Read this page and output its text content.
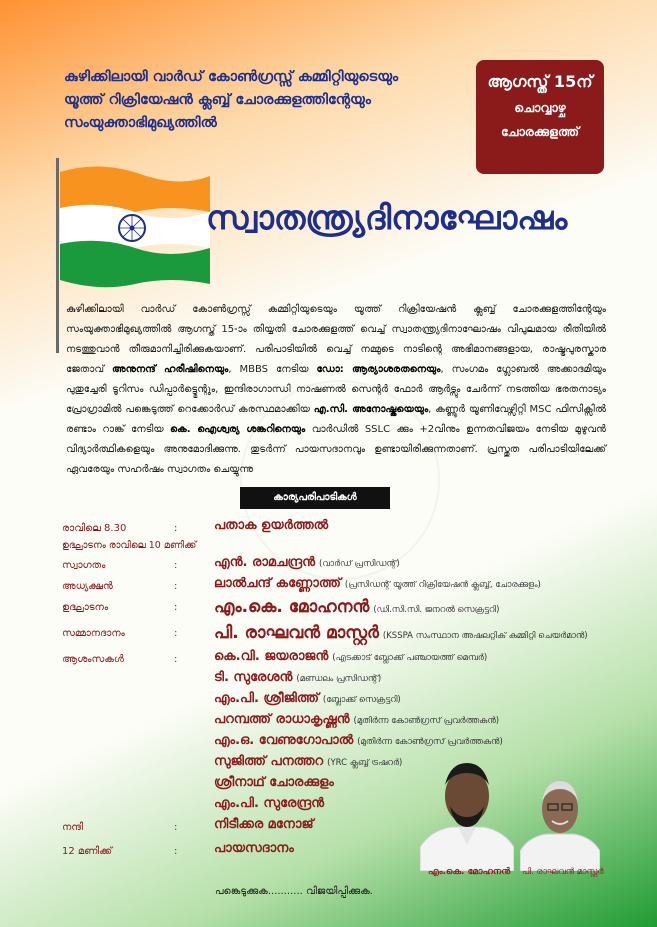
കുഴിക്കിലായി വാർഡ് കോൺഗ്രസ്സ് കമ്മിറ്റിയുടെയും
യൂത്ത് റിക്രിയേഷൻ ക്ലബ്ബ് ചോരക്കുളത്തിന്റേയും
സംയുക്താഭിമുഖ്യത്തിൽ
ആഗസ്ത് 15ന്
ചൊവ്വാഴ്ച
ചോരക്കുളത്ത്
സ്വാതന്ത്ര്യദിനാഘോഷം
കുഴിക്കിലായി വാർഡ് കോൺഗ്രസ്സ് കമ്മിറ്റിയുടെയും യൂത്ത് റിക്രിയേഷൻ ക്ലബ്ബ് ചോരക്കുളത്തിന്റേയും സംയുക്താഭിമുഖ്യത്തിൽ ആഗസ്ത് 15-ാം തിയ്യതി ചോരക്കുളത്ത് വെച്ച് സ്വാതന്ത്ര്യദിനാഘോഷം വിപുലമായ രീതിയിൽ നടത്തുവാൻ തീരുമാനിച്ചിരിക്കുകയാണ്. പരിപാടിയിൽ വെച്ച് നമ്മുടെ നാടിന്റെ അഭിമാനങ്ങളായ, രാഷ്ട്രപുരസ്കാര ജേതാവ് അനുനന്ദ് ഹരീഷിനെയും, MBBS നേടിയ ഡോ: ആര്യാശരതനെയും, സംഗമം ഗ്ലോബൽ അക്കാദമിയും പുതുച്ചേരി ടൂറിസം ഡിപ്പാർട്ട്മെന്റും, ഇന്ദിരാഗാന്ധി നാഷണൽ സെന്റർ ഫോർ ആർട്സും ചേർന്ന് നടത്തിയ ഭരതനാട്യം പ്രോഗ്രാമിൽ പങ്കെടുത്ത് റെക്കോർഡ് കരസ്ഥമാക്കിയ എ.സി. അനോഷ്കയെയും, കണ്ണൂർ യൂണിവേഴ്സിറ്റി MSC ഫിസിക്സിൽ രണ്ടാം റാങ്ക് നേടിയ കെ. ഐശ്വര്യ ശങ്കറിനെയും വാർഡിൽ SSLC ക്കും +2വിനും ഉന്നതവിജയം നേടിയ മുഴുവൻ വിദ്യാർത്ഥികളെയും അനുമോദിക്കുന്നു. തുടർന്ന് പായസദാനവും ഉണ്ടായിരിക്കുന്നതാണ്. പ്രസ്തുത പരിപാടിയിലേക്ക് ഏവരേയും സഹർഷം സ്വാഗതം ചെയ്യുന്നു
കാര്യപരിപാടികൾ
രാവിലെ 8.30	:	പതാക ഉയർത്തൽ
ഉദ്ഘാടനം രാവിലെ 10 മണിക്ക്
സ്വാഗതം	:	എൻ. രാമചന്ദ്രൻ (വാർഡ് പ്രസിഡന്റ്)
അധ്യക്ഷൻ	:	ലാൽചന്ദ് കണ്ണോത്ത് (പ്രസിഡന്റ് യൂത്ത് റിക്രിയേഷൻ ക്ലബ്ബ്, ചോരക്കുളം)
ഉദ്ഘാടനം	: എം.കെ. മോഹനൻ (ഡി.സി.സി. ജനറൽ സെക്രട്ടറി)
സമ്മാനദാനം	: പി. രാഘവൻ മാസ്റ്റർ (KSSPA സംസ്ഥാന അഷലറ്റിക് കമ്മിറ്റി ചെയർമാൻ)
ആശംസകൾ	:	കെ.വി. ജയരാജൻ (എടക്കാട് ബ്ലോക്ക് പഞ്ചായത്ത് മെമ്പർ)
ടി. സുരേശൻ (മണ്ഡലം പ്രസിഡന്റ്)
എം.പി. ശ്രീജിത്ത് (ബ്ലോക്ക് സെക്രട്ടറി)
പറമ്പത്ത് രാധാകൃഷ്ണൻ (മുതിർന്ന കോൺഗ്രസ് പ്രവർത്തകൻ)
എം.ഒ. വേണുഗോപാൽ (മുതിർന്ന കോൺഗ്രസ് പ്രവർത്തകൻ)
സുജിത്ത് പനത്തറ (YRC ക്ലബ്ബ് ട്രഷറർ)
ശ്രീനാഥ് ചോരക്കുളം
എം.പി. സുരേന്ദ്രൻ
നന്ദി	:	നിടീക്കര മനോജ്
12 മണിക്ക്	:	പായസദാനം
എം.കെ. മോഹനൻ പി. രാഘവൻ മാസ്റ്റർ
പങ്കെടുക്കുക........... വിജയിപ്പിക്കുക.
